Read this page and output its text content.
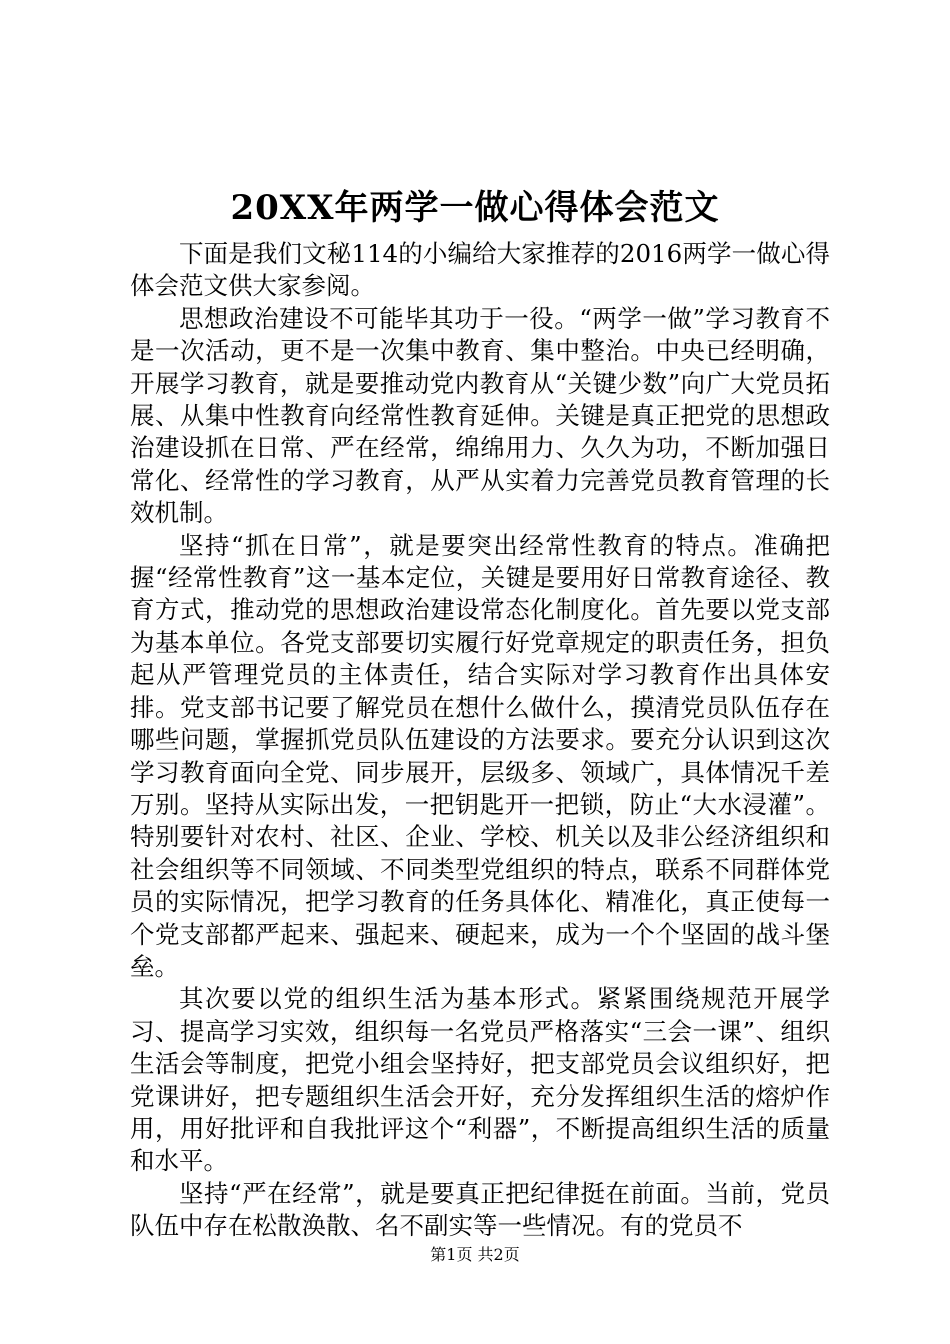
20XX年两学一做心得体会范文

下面是我们文秘114的小编给大家推荐的2016两学一做心得体会范文供大家参阅。

思想政治建设不可能毕其功于一役。“两学一做”学习教育不是一次活动，更不是一次集中教育、集中整治。中央已经明确，开展学习教育，就是要推动党内教育从“关键少数”向广大党员拓展、从集中性教育向经常性教育延伸。关键是真正把党的思想政治建设抓在日常、严在经常，绵绵用力、久久为功，不断加强日常化、经常性的学习教育，从严从实着力完善党员教育管理的长效机制。

坚持“抓在日常”，就是要突出经常性教育的特点。准确把握“经常性教育”这一基本定位，关键是要用好日常教育途径、教育方式，推动党的思想政治建设常态化制度化。首先要以党支部为基本单位。各党支部要切实履行好党章规定的职责任务，担负起从严管理党员的主体责任，结合实际对学习教育作出具体安排。党支部书记要了解党员在想什么做什么，摸清党员队伍存在哪些问题，掌握抓党员队伍建设的方法要求。要充分认识到这次学习教育面向全党、同步展开，层级多、领域广，具体情况千差万别。坚持从实际出发，一把钥匙开一把锁，防止“大水浸灌”。特别要针对农村、社区、企业、学校、机关以及非公经济组织和社会组织等不同领域、不同类型党组织的特点，联系不同群体党员的实际情况，把学习教育的任务具体化、精准化，真正使每一个党支部都严起来、强起来、硬起来，成为一个个坚固的战斗堡垒。

其次要以党的组织生活为基本形式。紧紧围绕规范开展学习、提高学习实效，组织每一名党员严格落实“三会一课”、组织生活会等制度，把党小组会坚持好，把支部党员会议组织好，把党课讲好，把专题组织生活会开好，充分发挥组织生活的熔炉作用，用好批评和自我批评这个“利器”，不断提高组织生活的质量和水平。

坚持“严在经常”，就是要真正把纪律挺在前面。当前，党员队伍中存在松散涣散、名不副实等一些情况。有的党员不

第1页 共2页
